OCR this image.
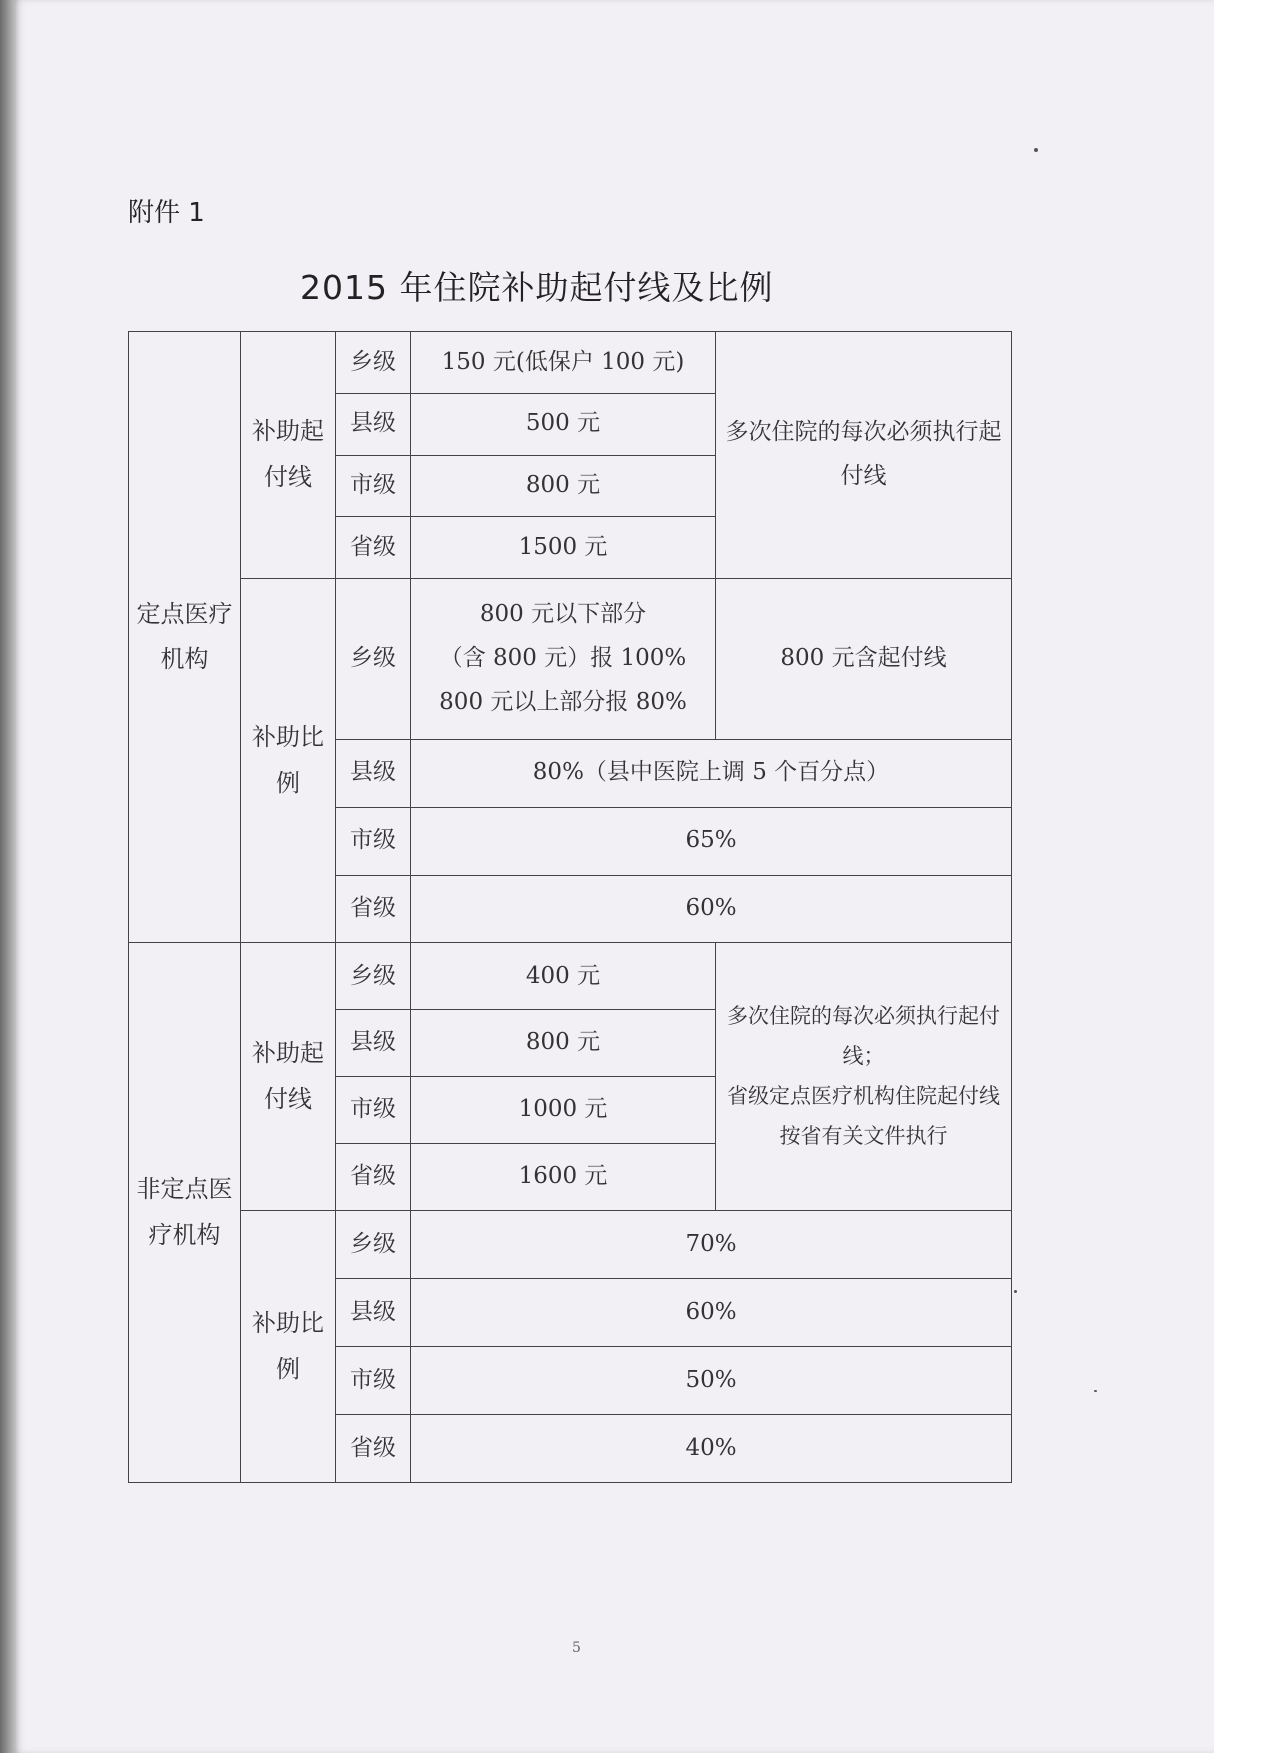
附件 1
2015 年住院补助起付线及比例
定点医疗机构	补助起付线	乡级	150 元(低保户 100 元)	多次住院的每次必须执行起付线
		县级	500 元	
		市级	800 元	
		省级	1500 元	
	补助比例	乡级	800 元以下部分
（含 800 元）报 100%
800 元以上部分报 80%	800 元含起付线
		县级	80%（县中医院上调 5 个百分点）	
		市级	65%	
		省级	60%	
非定点医疗机构	补助起付线	乡级	400 元	多次住院的每次必须执行起付线；
省级定点医疗机构住院起付线按省有关文件执行

		县级	800 元	
		市级	1000 元	
		省级	1600 元	
	补助比例	乡级	70%	
		县级	60%	
		市级	50%	
		省级	40%	
5
